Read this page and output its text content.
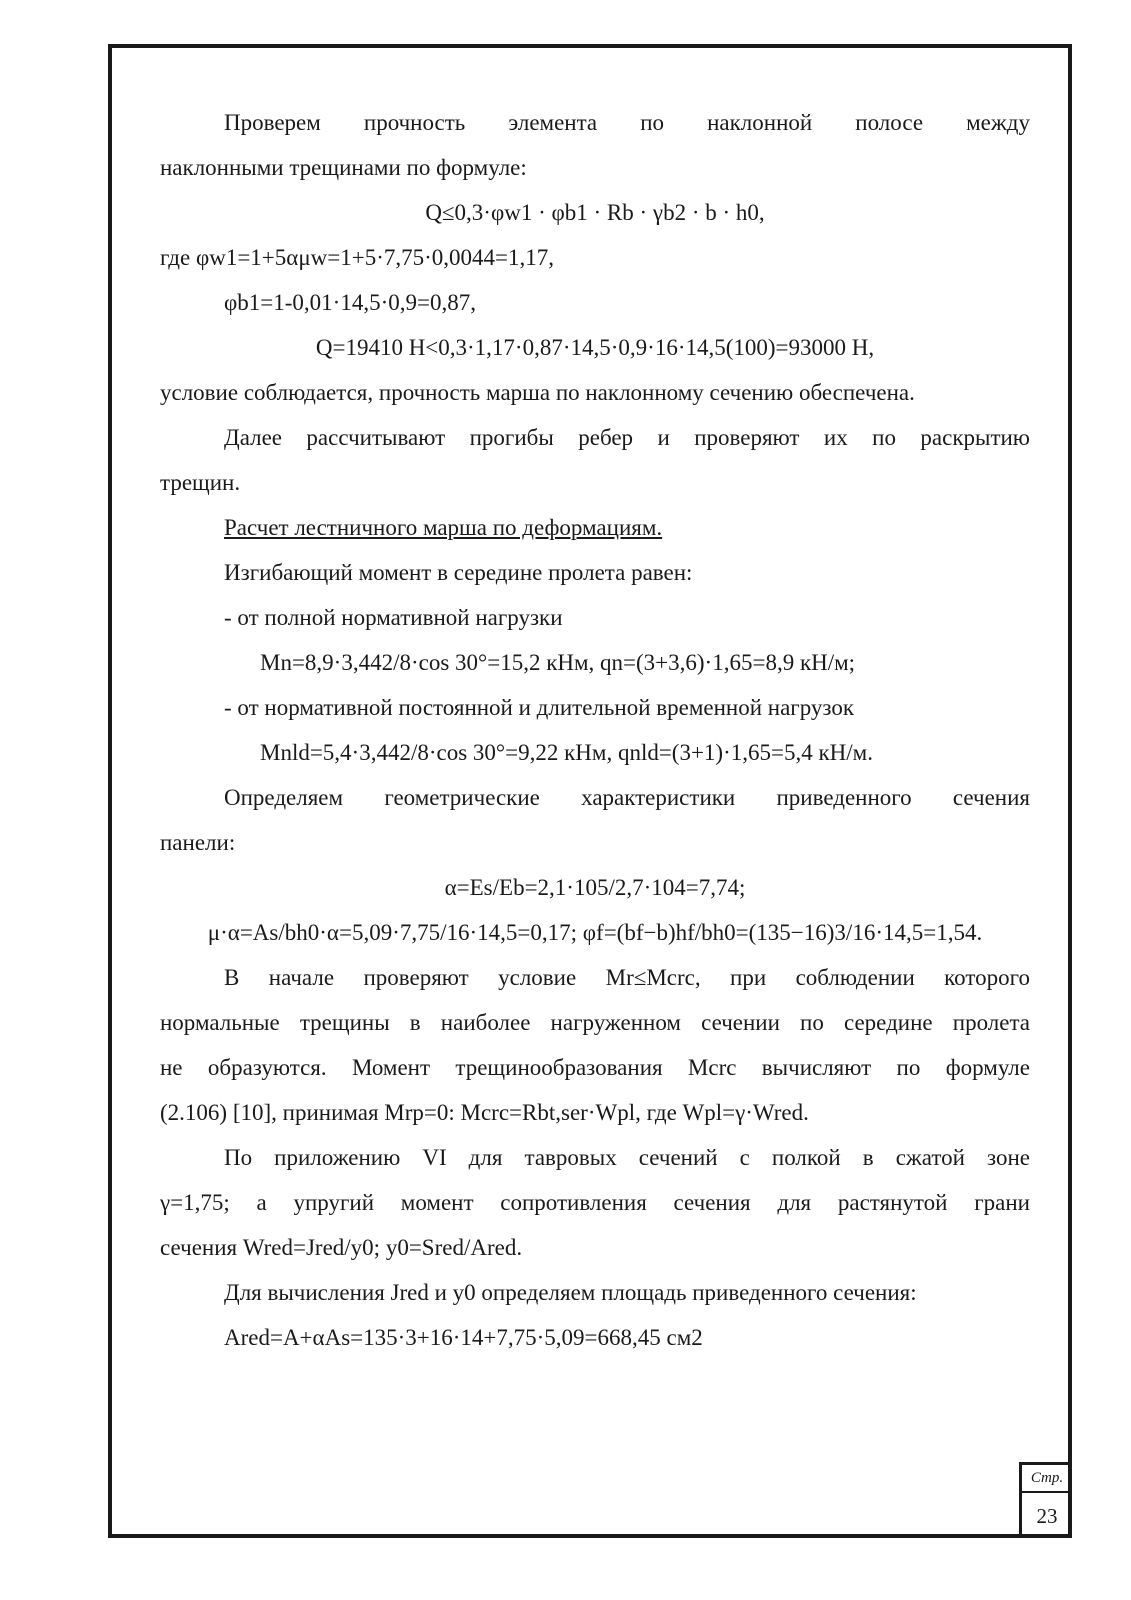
Проверем прочность элемента по наклонной полосе между
наклонными трещинами по формуле:
Q≤0,3·φw1 · φb1 · Rb · γb2 · b · h0,
где φw1=1+5αμw=1+5·7,75·0,0044=1,17,
φb1=1-0,01·14,5·0,9=0,87,
Q=19410 Н<0,3·1,17·0,87·14,5·0,9·16·14,5(100)=93000 Н,
условие соблюдается, прочность марша по наклонному сечению обеспечена.
Далее рассчитывают прогибы ребер и проверяют их по раскрытию
трещин.
Расчет лестничного марша по деформациям.
Изгибающий момент в середине пролета равен:
- от полной нормативной нагрузки
Mn=8,9·3,442/8·cos 30°=15,2 кНм, qn=(3+3,6)·1,65=8,9 кН/м;
- от нормативной постоянной и длительной временной нагрузок
Mnld=5,4·3,442/8·cos 30°=9,22 кНм, qnld=(3+1)·1,65=5,4 кН/м.
Определяем геометрические характеристики приведенного сечения
панели:
α=Es/Eb=2,1·105/2,7·104=7,74;
μ·α=As/bh0·α=5,09·7,75/16·14,5=0,17; φf=(bf−b)hf/bh0=(135−16)3/16·14,5=1,54.
В начале проверяют условие Mr≤Mcrc, при соблюдении которого
нормальные трещины в наиболее нагруженном сечении по середине пролета
не образуются. Момент трещинообразования Mcrc вычисляют по формуле
(2.106) [10], принимая Mrp=0: Mcrc=Rbt,ser·Wpl, где Wpl=γ·Wred.
По приложению VI для тавровых сечений с полкой в сжатой зоне
γ=1,75; а упругий момент сопротивления сечения для растянутой грани
сечения Wred=Jred/y0; y0=Sred/Ared.
Для вычисления Jred и y0 определяем площадь приведенного сечения:
Ared=A+αAs=135·3+16·14+7,75·5,09=668,45 см2
Стр.
23
